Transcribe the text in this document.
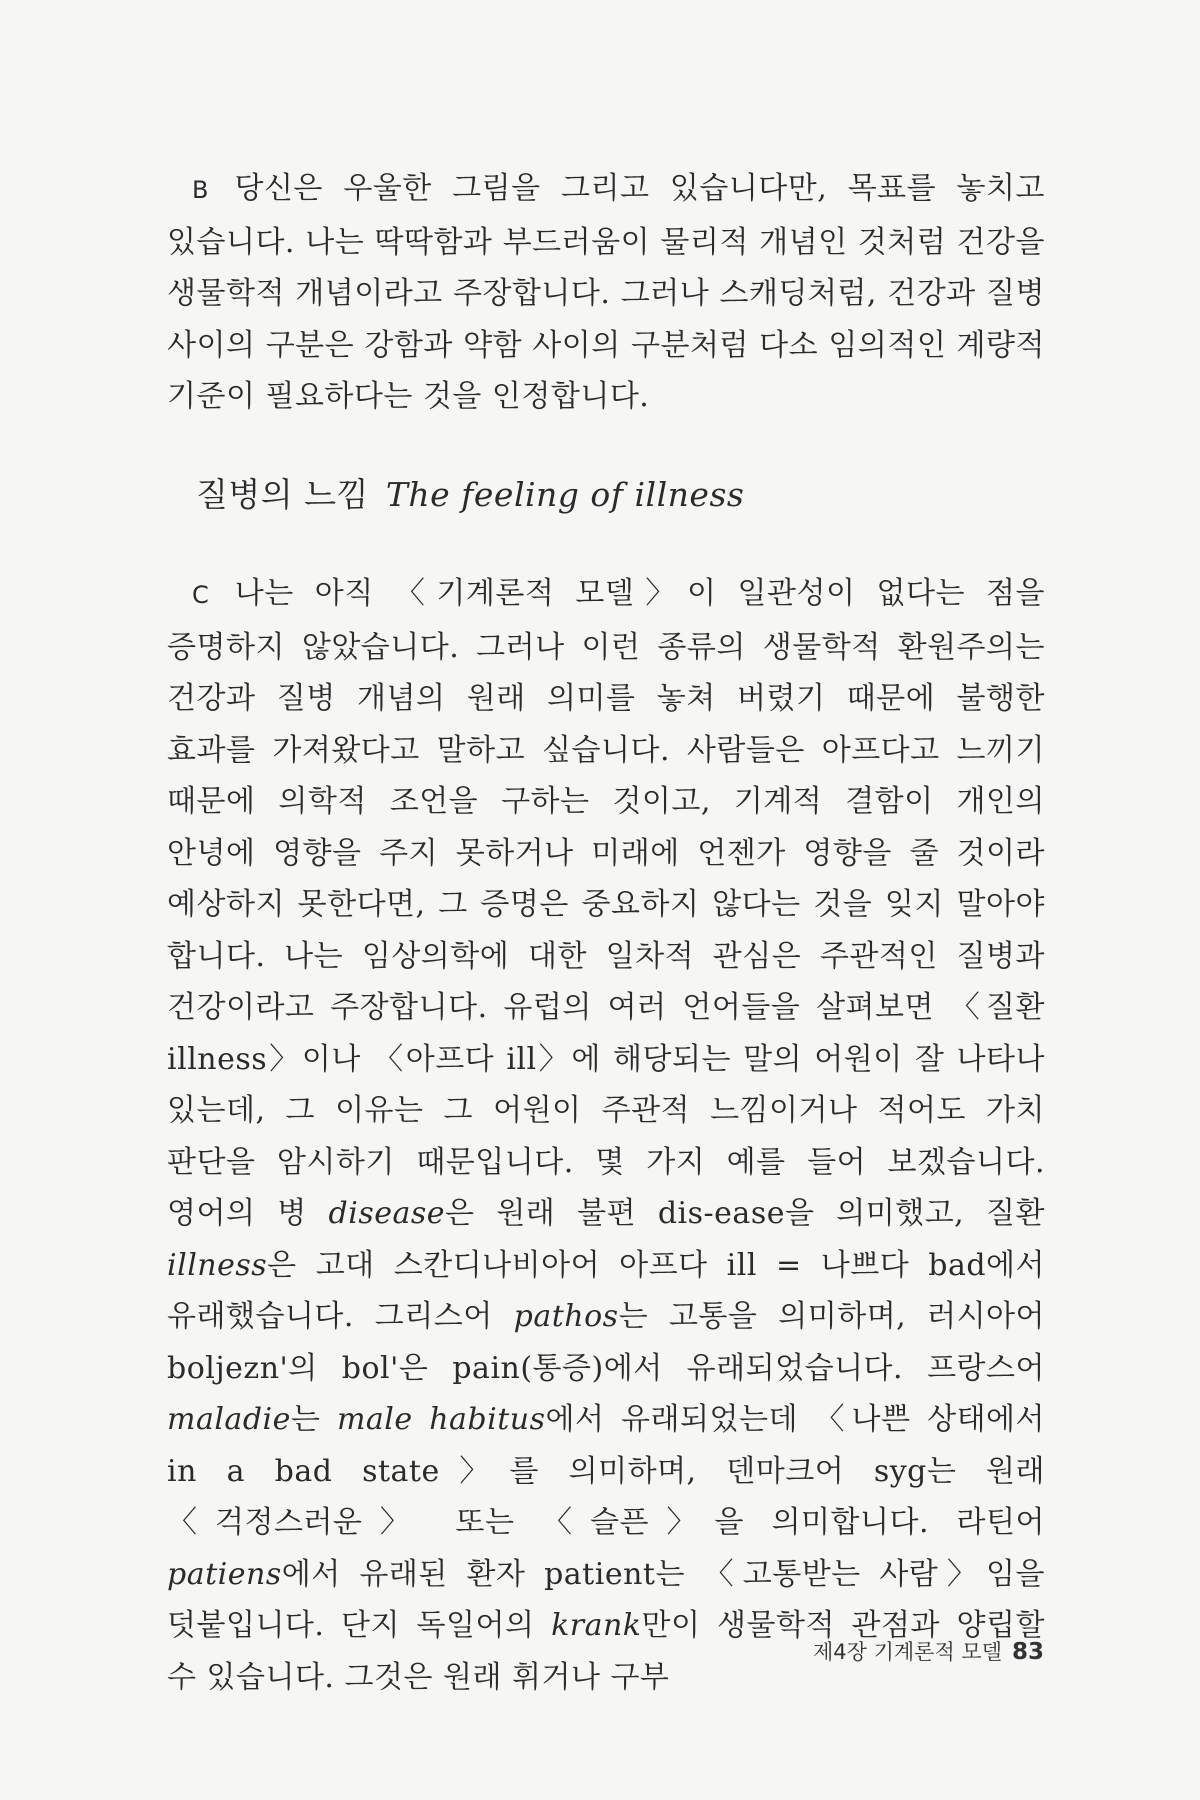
B 당신은 우울한 그림을 그리고 있습니다만, 목표를 놓치고 있습니다. 나는 딱딱함과 부드러움이 물리적 개념인 것처럼 건강을 생물학적 개념이라고 주장합니다. 그러나 스캐딩처럼, 건강과 질병 사이의 구분은 강함과 약함 사이의 구분처럼 다소 임의적인 계량적 기준이 필요하다는 것을 인정합니다.
질병의 느낌 The feeling of illness
C 나는 아직 〈기계론적 모델〉이 일관성이 없다는 점을 증명하지 않았습니다. 그러나 이런 종류의 생물학적 환원주의는 건강과 질병 개념의 원래 의미를 놓쳐 버렸기 때문에 불행한 효과를 가져왔다고 말하고 싶습니다. 사람들은 아프다고 느끼기 때문에 의학적 조언을 구하는 것이고, 기계적 결함이 개인의 안녕에 영향을 주지 못하거나 미래에 언젠가 영향을 줄 것이라 예상하지 못한다면, 그 증명은 중요하지 않다는 것을 잊지 말아야 합니다. 나는 임상의학에 대한 일차적 관심은 주관적인 질병과 건강이라고 주장합니다. 유럽의 여러 언어들을 살펴보면 〈질환 illness〉이나 〈아프다 ill〉에 해당되는 말의 어원이 잘 나타나 있는데, 그 이유는 그 어원이 주관적 느낌이거나 적어도 가치 판단을 암시하기 때문입니다. 몇 가지 예를 들어 보겠습니다. 영어의 병 disease은 원래 불편 dis-ease을 의미했고, 질환 illness은 고대 스칸디나비아어 아프다 ill = 나쁘다 bad에서 유래했습니다. 그리스어 pathos는 고통을 의미하며, 러시아어 boljezn'의 bol'은 pain(통증)에서 유래되었습니다. 프랑스어 maladie는 male habitus에서 유래되었는데 〈나쁜 상태에서 in a bad state〉를 의미하며, 덴마크어 syg는 원래 〈걱정스러운〉 또는 〈슬픈〉을 의미합니다. 라틴어 patiens에서 유래된 환자 patient는 〈고통받는 사람〉임을 덧붙입니다. 단지 독일어의 krank만이 생물학적 관점과 양립할 수 있습니다. 그것은 원래 휘거나 구부
제4장 기계론적 모델 83
